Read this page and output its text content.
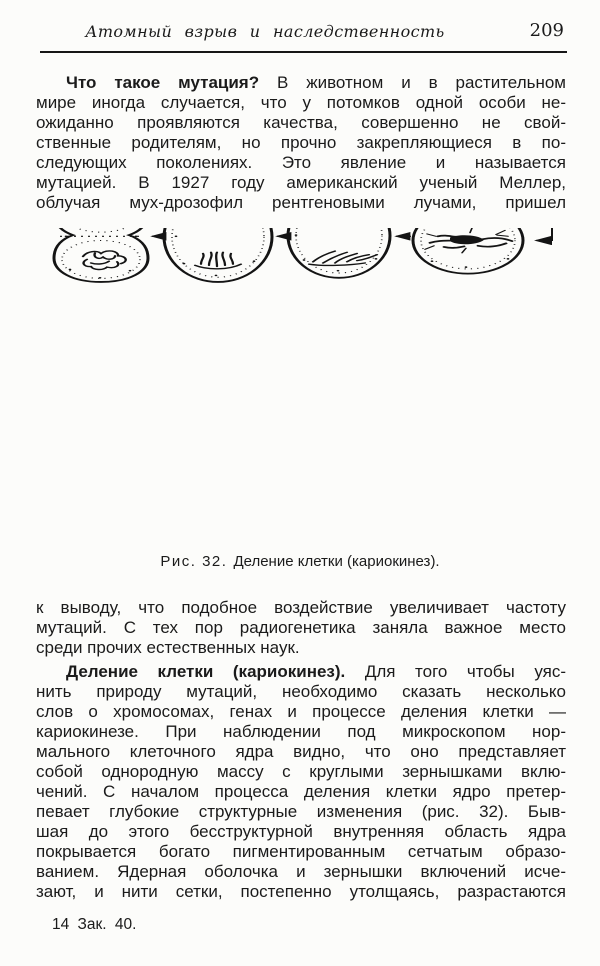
Атомный взрыв и наследственность	209
Что такое мутация? В животном и в растительном
мире иногда случается, что у потомков одной особи не-
ожиданно проявляются качества, совершенно не свой-
ственные родителям, но прочно закрепляющиеся в по-
следующих поколениях. Это явление и называется
мутацией. В 1927 году американский ученый Меллер,
облучая мух-дрозофил рентгеновыми лучами, пришел
Рис. 32. Деление клетки (кариокинез).
к выводу, что подобное воздействие увеличивает частоту
мутаций. С тех пор радиогенетика заняла важное место
среди прочих естественных наук.
Деление клетки (кариокинез). Для того чтобы уяс-
нить природу мутаций, необходимо сказать несколько
слов о хромосомах, генах и процессе деления клетки —
кариокинезе. При наблюдении под микроскопом нор-
мального клеточного ядра видно, что оно представляет
собой однородную массу с круглыми зернышками вклю-
чений. С началом процесса деления клетки ядро претер-
певает глубокие структурные изменения (рис. 32). Быв-
шая до этого бесструктурной внутренняя область ядра
покрывается богато пигментированным сетчатым образо-
ванием. Ядерная оболочка и зернышки включений исче-
зают, и нити сетки, постепенно утолщаясь, разрастаются
14 Зак. 40.
